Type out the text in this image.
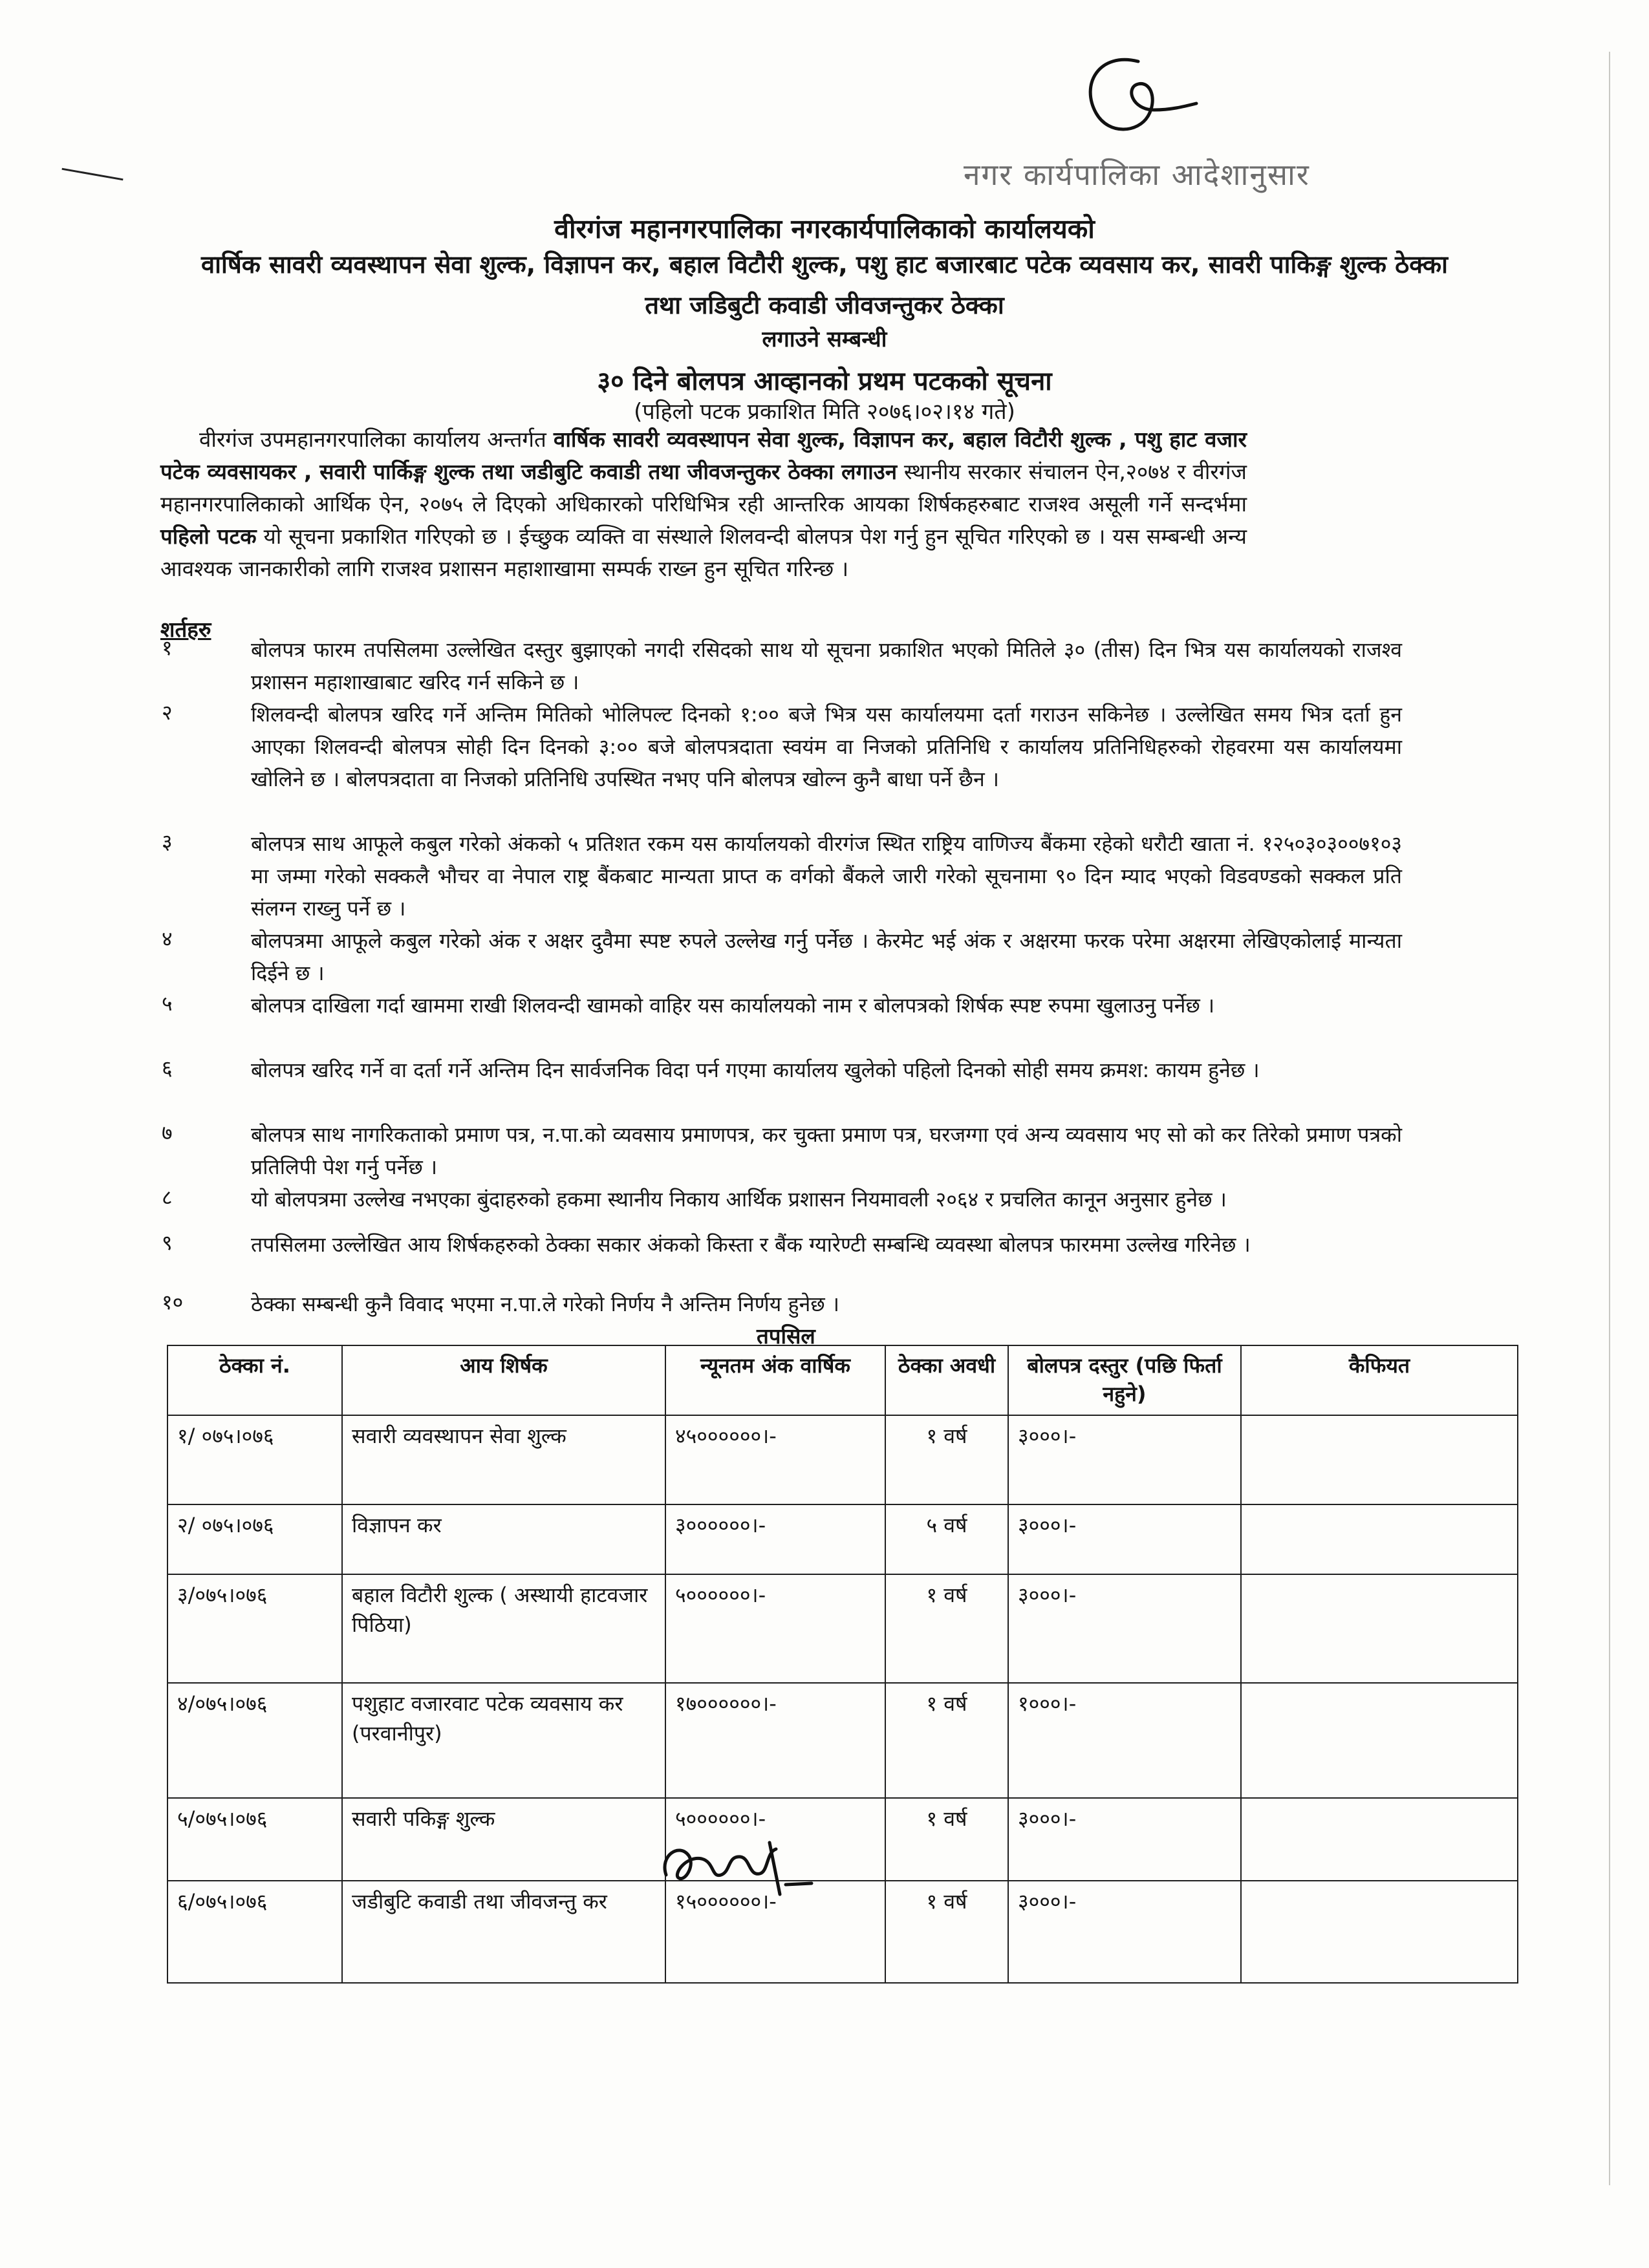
नगर कार्यपालिका आदेशानुसार
वीरगंज महानगरपालिका नगरकार्यपालिकाको कार्यालयको
वार्षिक सावरी व्यवस्थापन सेवा शुल्क, विज्ञापन कर, बहाल विटौरी शुल्क, पशु हाट बजारबाट पटेक व्यवसाय कर, सावरी पाकिङ्ग शुल्क ठेक्का
तथा जडिबुटी कवाडी जीवजन्तुकर ठेक्का
लगाउने सम्बन्धी
३० दिने बोलपत्र आव्हानको प्रथम पटकको सूचना
(पहिलो पटक प्रकाशित मिति २०७६।०२।१४ गते)
वीरगंज उपमहानगरपालिका कार्यालय अन्तर्गत वार्षिक सावरी व्यवस्थापन सेवा शुल्क, विज्ञापन कर, बहाल विटौरी शुल्क , पशु हाट वजार पटेक व्यवसायकर , सवारी पार्किङ्ग शुल्क तथा जडीबुटि कवाडी तथा जीवजन्तुकर ठेक्का लगाउन स्थानीय सरकार संचालन ऐन,२०७४ र वीरगंज महानगरपालिकाको आर्थिक ऐन, २०७५ ले दिएको अधिकारको परिधिभित्र रही आन्तरिक आयका शिर्षकहरुबाट राजश्व असूली गर्ने सन्दर्भमा पहिलो पटक यो सूचना प्रकाशित गरिएको छ । ईच्छुक व्यक्ति वा संस्थाले शिलवन्दी बोलपत्र पेश गर्नु हुन सूचित गरिएको छ । यस सम्बन्धी अन्य आवश्यक जानकारीको लागि राजश्व प्रशासन महाशाखामा सम्पर्क राख्न हुन सूचित गरिन्छ ।
शर्तहरु
१	बोलपत्र फारम तपसिलमा उल्लेखित दस्तुर बुझाएको नगदी रसिदको साथ यो सूचना प्रकाशित भएको मितिले ३० (तीस) दिन भित्र यस कार्यालयको राजश्व प्रशासन महाशाखाबाट खरिद गर्न सकिने छ ।
२	शिलवन्दी बोलपत्र खरिद गर्ने अन्तिम मितिको भोलिपल्ट दिनको १:०० बजे भित्र यस कार्यालयमा दर्ता गराउन सकिनेछ । उल्लेखित समय भित्र दर्ता हुन आएका शिलवन्दी बोलपत्र सोही दिन दिनको ३:०० बजे बोलपत्रदाता स्वयंम वा निजको प्रतिनिधि र कार्यालय प्रतिनिधिहरुको रोहवरमा यस कार्यालयमा खोलिने छ । बोलपत्रदाता वा निजको प्रतिनिधि उपस्थित नभए पनि बोलपत्र खोल्न कुनै बाधा पर्ने छैन ।
३	बोलपत्र साथ आफूले कबुल गरेको अंकको ५ प्रतिशत रकम यस कार्यालयको वीरगंज स्थित राष्ट्रिय वाणिज्य बैंकमा रहेको धरौटी खाता नं. १२५०३०३००७१०३ मा जम्मा गरेको सक्कलै भौचर वा नेपाल राष्ट्र बैंकबाट मान्यता प्राप्त क वर्गको बैंकले जारी गरेको सूचनामा ९० दिन म्याद भएको विडवण्डको सक्कल प्रति संलग्न राख्नु पर्ने छ ।
४	बोलपत्रमा आफूले कबुल गरेको अंक र अक्षर दुवैमा स्पष्ट रुपले उल्लेख गर्नु पर्नेछ । केरमेट भई अंक र अक्षरमा फरक परेमा अक्षरमा लेखिएकोलाई मान्यता दिईने छ ।
५	बोलपत्र दाखिला गर्दा खाममा राखी शिलवन्दी खामको वाहिर यस कार्यालयको नाम र बोलपत्रको शिर्षक स्पष्ट रुपमा खुलाउनु पर्नेछ ।
६	बोलपत्र खरिद गर्ने वा दर्ता गर्ने अन्तिम दिन सार्वजनिक विदा पर्न गएमा कार्यालय खुलेको पहिलो दिनको सोही समय क्रमश: कायम हुनेछ ।
७	बोलपत्र साथ नागरिकताको प्रमाण पत्र, न.पा.को व्यवसाय प्रमाणपत्र, कर चुक्ता प्रमाण पत्र, घरजग्गा एवं अन्य व्यवसाय भए सो को कर तिरेको प्रमाण पत्रको प्रतिलिपी पेश गर्नु पर्नेछ ।
८	यो बोलपत्रमा उल्लेख नभएका बुंदाहरुको हकमा स्थानीय निकाय आर्थिक प्रशासन नियमावली २०६४ र प्रचलित कानून अनुसार हुनेछ ।
९	तपसिलमा उल्लेखित आय शिर्षकहरुको ठेक्का सकार अंकको किस्ता र बैंक ग्यारेण्टी सम्बन्धि व्यवस्था बोलपत्र फारममा उल्लेख गरिनेछ ।
१०	ठेक्का सम्बन्धी कुनै विवाद भएमा न.पा.ले गरेको निर्णय नै अन्तिम निर्णय हुनेछ ।
तपसिल
ठेक्का नं.	आय शिर्षक	न्यूनतम अंक वार्षिक	ठेक्का अवधी	बोलपत्र दस्तुर (पछि फिर्ता नहुने)	कैफियत
१/ ०७५।०७६	सवारी व्यवस्थापन सेवा शुल्क	४५००००००।-	१ वर्ष	३०००।-	
२/ ०७५।०७६	विज्ञापन कर	३००००००।-	५ वर्ष	३०००।-	
३/०७५।०७६	बहाल विटौरी शुल्क ( अस्थायी हाटवजार पिठिया)	५००००००।-	१ वर्ष	३०००।-	
४/०७५।०७६	पशुहाट वजारवाट पटेक व्यवसाय कर (परवानीपुर)	१७००००००।-	१ वर्ष	१०००।-	
५/०७५।०७६	सवारी पकिङ्ग शुल्क	५००००००।-	१ वर्ष	३०००।-	
६/०७५।०७६	जडीबुटि कवाडी तथा जीवजन्तु कर	१५००००००।-	१ वर्ष	३०००।-	
